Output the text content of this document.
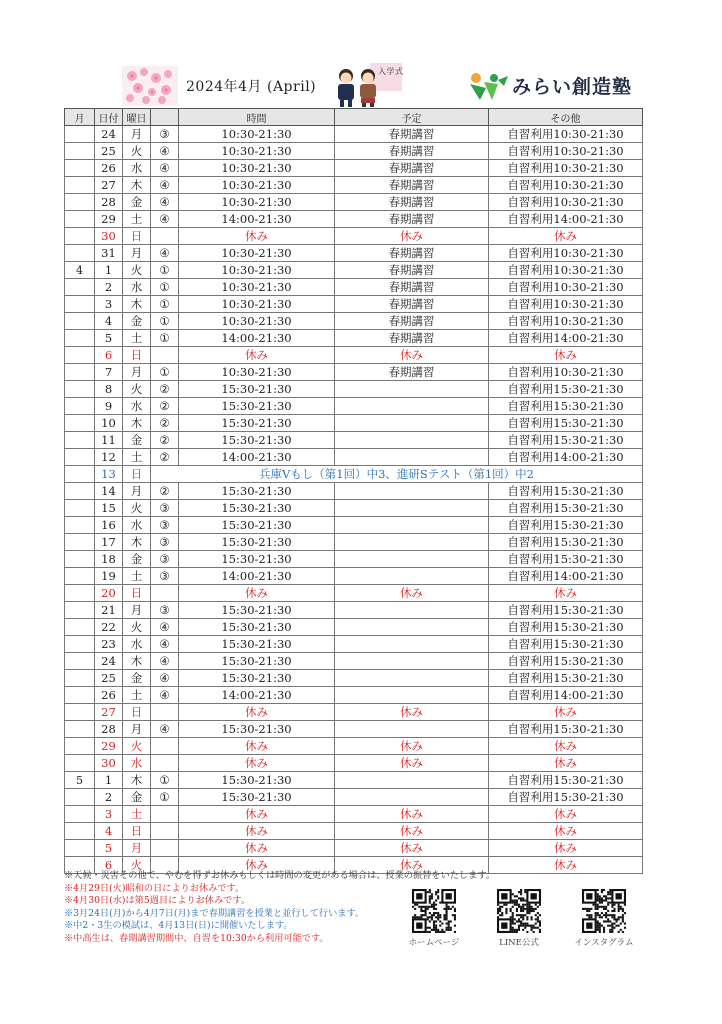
2024年4月 (April)
入学式
みらい創造塾
月	日付	曜日		時間	予定	その他
	24	月	③	10:30-21:30	春期講習	自習利用10:30-21:30
	25	火	④	10:30-21:30	春期講習	自習利用10:30-21:30
	26	水	④	10:30-21:30	春期講習	自習利用10:30-21:30
	27	木	④	10:30-21:30	春期講習	自習利用10:30-21:30
	28	金	④	10:30-21:30	春期講習	自習利用10:30-21:30
	29	土	④	14:00-21:30	春期講習	自習利用14:00-21:30
	30	日		休み	休み	休み
	31	月	④	10:30-21:30	春期講習	自習利用10:30-21:30
4	1	火	①	10:30-21:30	春期講習	自習利用10:30-21:30
	2	水	①	10:30-21:30	春期講習	自習利用10:30-21:30
	3	木	①	10:30-21:30	春期講習	自習利用10:30-21:30
	4	金	①	10:30-21:30	春期講習	自習利用10:30-21:30
	5	土	①	14:00-21:30	春期講習	自習利用14:00-21:30
	6	日		休み	休み	休み
	7	月	①	10:30-21:30	春期講習	自習利用10:30-21:30
	8	火	②	15:30-21:30		自習利用15:30-21:30
	9	水	②	15:30-21:30		自習利用15:30-21:30
	10	木	②	15:30-21:30		自習利用15:30-21:30
	11	金	②	15:30-21:30		自習利用15:30-21:30
	12	土	②	14:00-21:30		自習利用14:00-21:30
	13	日	兵庫Vもし（第1回）中3、進研Sテスト（第1回）中2			
	14	月	②	15:30-21:30		自習利用15:30-21:30
	15	火	③	15:30-21:30		自習利用15:30-21:30
	16	水	③	15:30-21:30		自習利用15:30-21:30
	17	木	③	15:30-21:30		自習利用15:30-21:30
	18	金	③	15:30-21:30		自習利用15:30-21:30
	19	土	③	14:00-21:30		自習利用14:00-21:30
	20	日		休み	休み	休み
	21	月	③	15:30-21:30		自習利用15:30-21:30
	22	火	④	15:30-21:30		自習利用15:30-21:30
	23	水	④	15:30-21:30		自習利用15:30-21:30
	24	木	④	15:30-21:30		自習利用15:30-21:30
	25	金	④	15:30-21:30		自習利用15:30-21:30
	26	土	④	14:00-21:30		自習利用14:00-21:30
	27	日		休み	休み	休み
	28	月	④	15:30-21:30		自習利用15:30-21:30
	29	火		休み	休み	休み
	30	水		休み	休み	休み
5	1	木	①	15:30-21:30		自習利用15:30-21:30
	2	金	①	15:30-21:30		自習利用15:30-21:30
	3	土		休み	休み	休み
	4	日		休み	休み	休み
	5	月		休み	休み	休み
	6	火		休み	休み	休み
※天候・災害その他で、やむを得ずお休みもしくは時間の変更がある場合は、授業の振替をいたします。
※4月29日(火)昭和の日によりお休みです。
※4月30日(水)は第5週目によりお休みです。
※3月24日(月)から4月7日(月)まで春期講習を授業と並行して行います。
※中2・3生の模試は、4月13日(日)に開催いたします。
※中高生は、春期講習期間中、自習を10:30から利用可能です。	ホームページ	LINE公式	インスタグラム
